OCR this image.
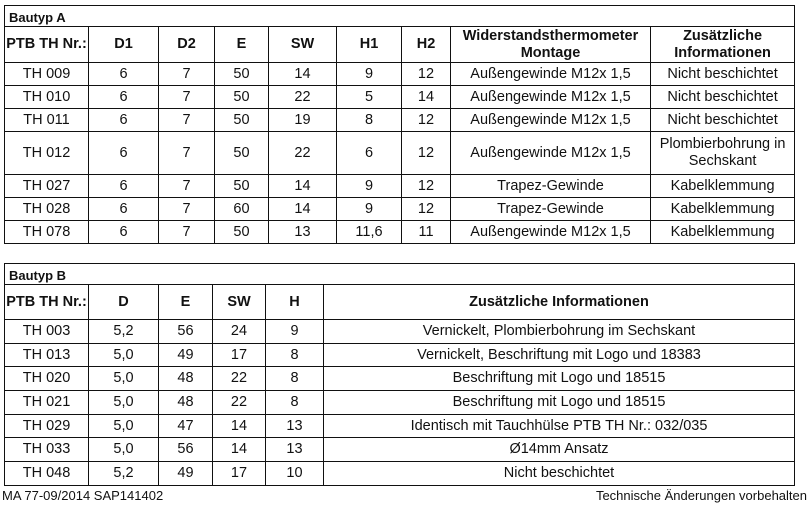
Bautyp A								
PTB TH Nr.:	D1	D2	E	SW	H1	H2	Widerstandsthermometer Montage	Zusätzliche Informationen
TH 009	6	7	50	14	9	12	Außengewinde M12x 1,5	Nicht beschichtet
TH 010	6	7	50	22	5	14	Außengewinde M12x 1,5	Nicht beschichtet
TH 011	6	7	50	19	8	12	Außengewinde M12x 1,5	Nicht beschichtet
TH 012	6	7	50	22	6	12	Außengewinde M12x 1,5	Plombierbohrung in Sechskant
TH 027	6	7	50	14	9	12	Trapez-Gewinde	Kabelklemmung
TH 028	6	7	60	14	9	12	Trapez-Gewinde	Kabelklemmung
TH 078	6	7	50	13	11,6	11	Außengewinde M12x 1,5	Kabelklemmung
Bautyp B					
PTB TH Nr.:	D	E	SW	H	Zusätzliche Informationen
TH 003	5,2	56	24	9	Vernickelt, Plombierbohrung im Sechskant
TH 013	5,0	49	17	8	Vernickelt, Beschriftung mit Logo und 18383
TH 020	5,0	48	22	8	Beschriftung mit Logo und 18515
TH 021	5,0	48	22	8	Beschriftung mit Logo und 18515
TH 029	5,0	47	14	13	Identisch mit Tauchhülse PTB TH Nr.: 032/035
TH 033	5,0	56	14	13	Ø14mm Ansatz
TH 048	5,2	49	17	10	Nicht beschichtet
MA 77-09/2014 SAP141402	Technische Änderungen vorbehalten
